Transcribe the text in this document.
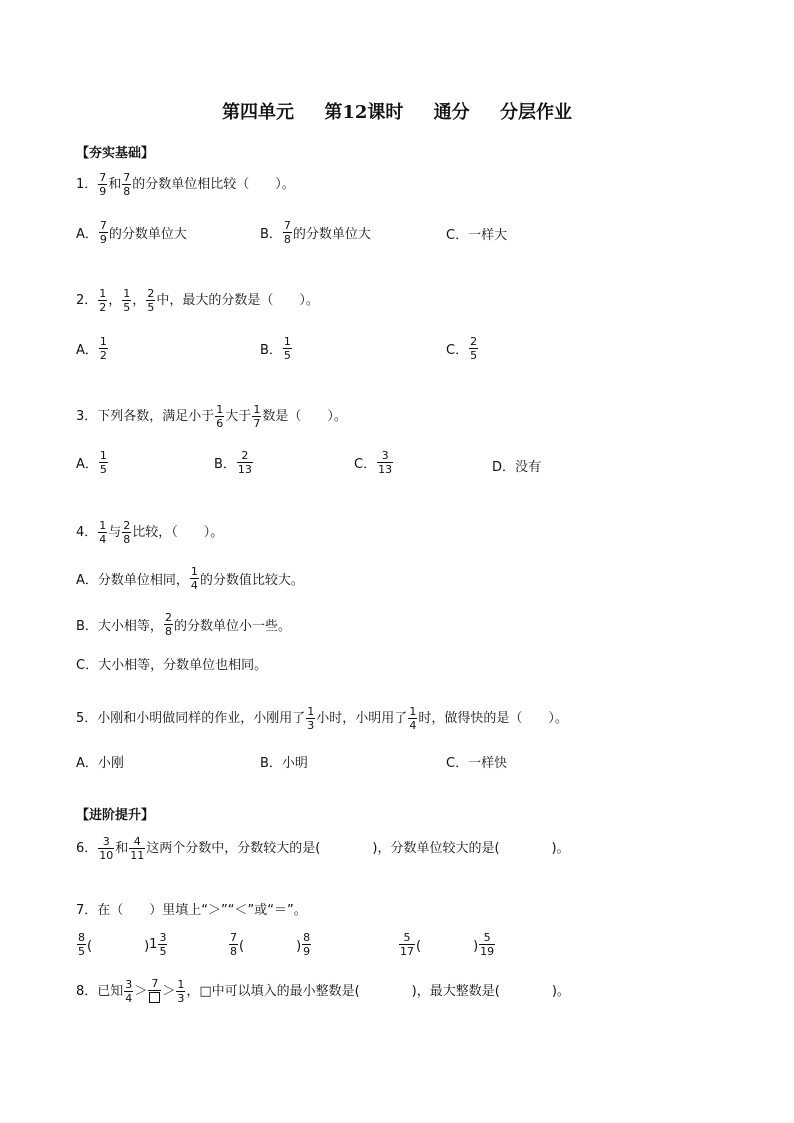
第四单元 第12课时 通分 分层作业
【夯实基础】
1． $\frac{7}{9}$ 和 $\frac{7}{8}$ 的分数单位相比较（　　）。
A． $\frac{7}{9}$ 的分数单位大	B． $\frac{7}{8}$ 的分数单位大	C． 一样大
2． $\frac{1}{2}$ ， $\frac{1}{5}$ ， $\frac{2}{5}$ 中，最大的分数是（　　）。
A． $\frac{1}{2}$	B． $\frac{1}{5}$	C． $\frac{2}{5}$
3． 下列各数，满足小于 $\frac{1}{6}$ 大于 $\frac{1}{7}$ 数是（　　）。
A． $\frac{1}{5}$	B． $\frac{2}{13}$	C． $\frac{3}{13}$	D． 没有
4． $\frac{1}{4}$ 与 $\frac{2}{8}$ 比较，（　　）。
A． 分数单位相同， $\frac{1}{4}$ 的分数值比较大。
B． 大小相等， $\frac{2}{8}$ 的分数单位小一些。
C． 大小相等，分数单位也相同。
5． 小刚和小明做同样的作业，小刚用了 $\frac{1}{3}$ 小时，小明用了 $\frac{1}{4}$ 时，做得快的是（　　）。
A． 小刚	B． 小明	C． 一样快
【进阶提升】
6． $\frac{3}{10}$ 和 $\frac{4}{11}$ 这两个分数中，分数较大的是(　　　　)，分数单位较大的是(　　　　)。
7． 在（　　）里填上“＞”“＜”或“＝”。
$\frac{8}{5}$ (　　　　) $1 \frac{3}{5}$	$\frac{7}{8}$ (　　　　) $\frac{8}{9}$	$\frac{5}{17}$ (　　　　) $\frac{5}{19}$
8． 已知 $\frac{3}{4}$ ＞
7
＞ $\frac{1}{3}$ ，□中可以填入的最小整数是(　　　　)，最大整数是(　　　　)。
